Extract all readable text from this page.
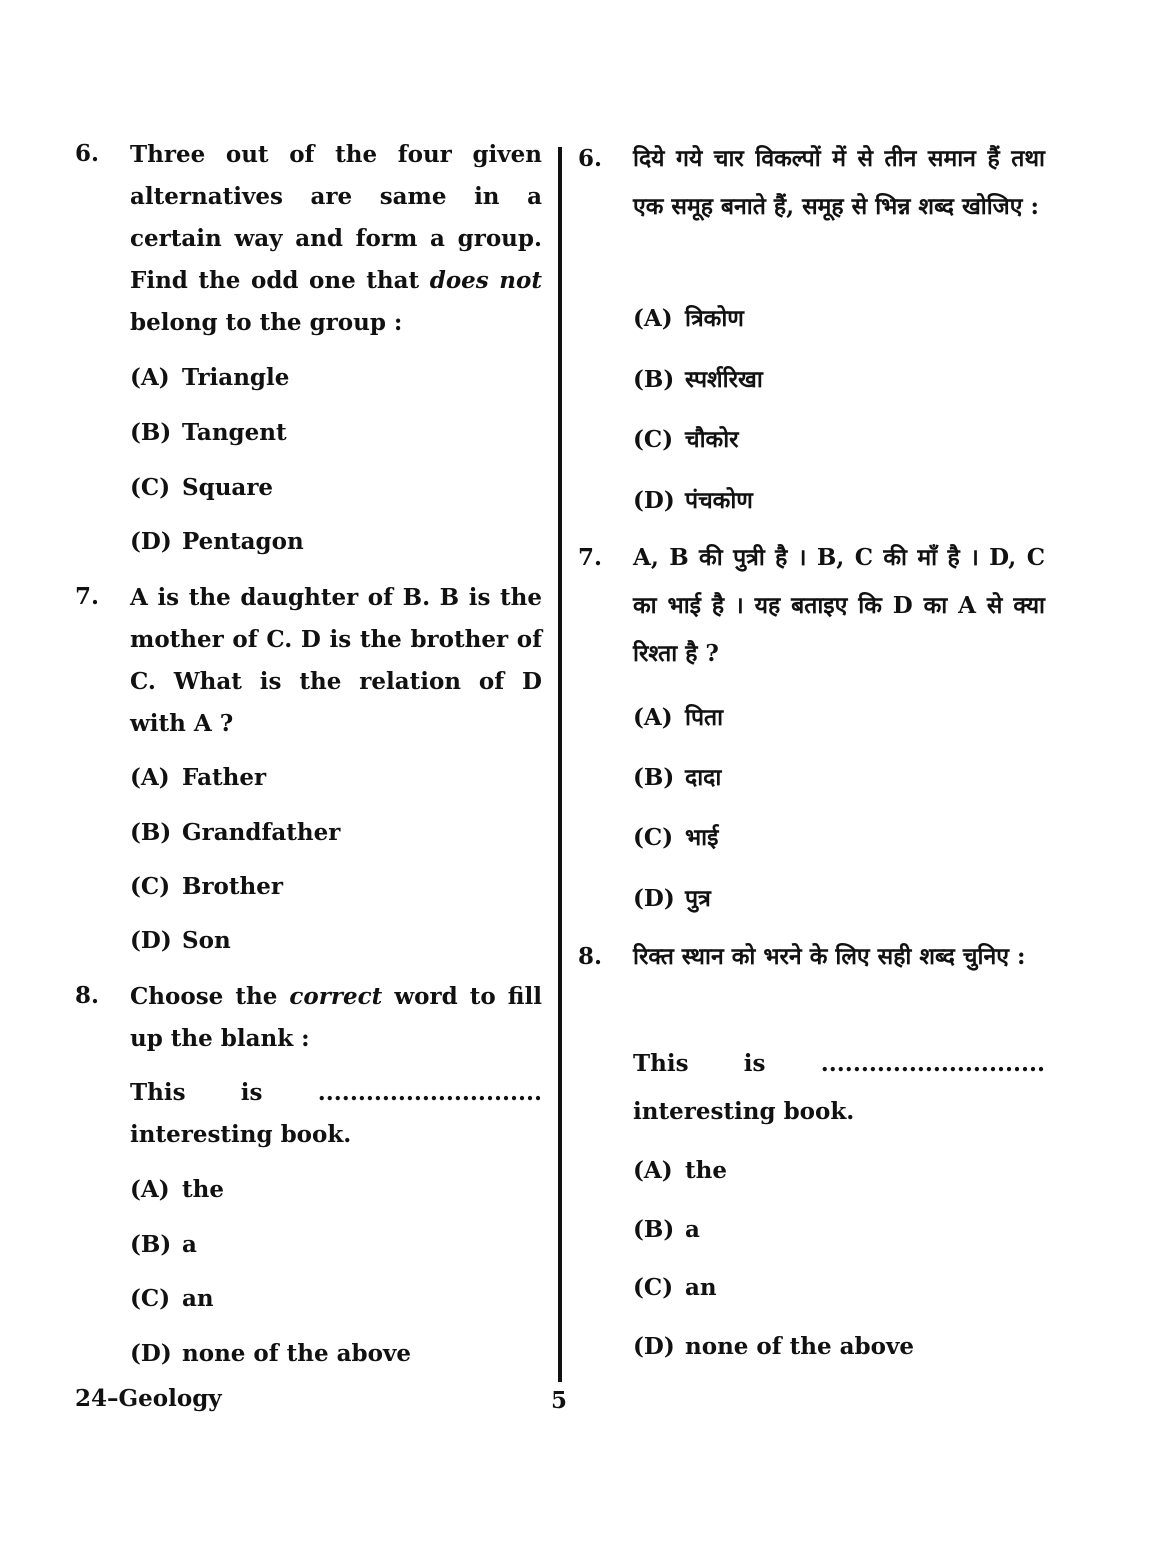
6. Three out of the four given alternatives are same in a certain way and form a group. Find the odd one that does not belong to the group :
(A) Triangle
(B) Tangent
(C) Square
(D) Pentagon
7. A is the daughter of B. B is the mother of C. D is the brother of C. What is the relation of D with A ?
(A) Father
(B) Grandfather
(C) Brother
(D) Son
8. Choose the correct word to fill up the blank :
This is ............................ interesting book.
(A) the
(B) a
(C) an
(D) none of the above
6. दिये गये चार विकल्पों में से तीन समान हैं तथा एक समूह बनाते हैं, समूह से भिन्न शब्द खोजिए :
(A) त्रिकोण
(B) स्पर्शरिखा
(C) चौकोर
(D) पंचकोण
7. A, B की पुत्री है । B, C की माँ है । D, C का भाई है । यह बताइए कि D का A से क्या रिश्ता है ?
(A) पिता
(B) दादा
(C) भाई
(D) पुत्र
8. रिक्त स्थान को भरने के लिए सही शब्द चुनिए :
This is ............................ interesting book.
(A) the
(B) a
(C) an
(D) none of the above
24–Geology	5
